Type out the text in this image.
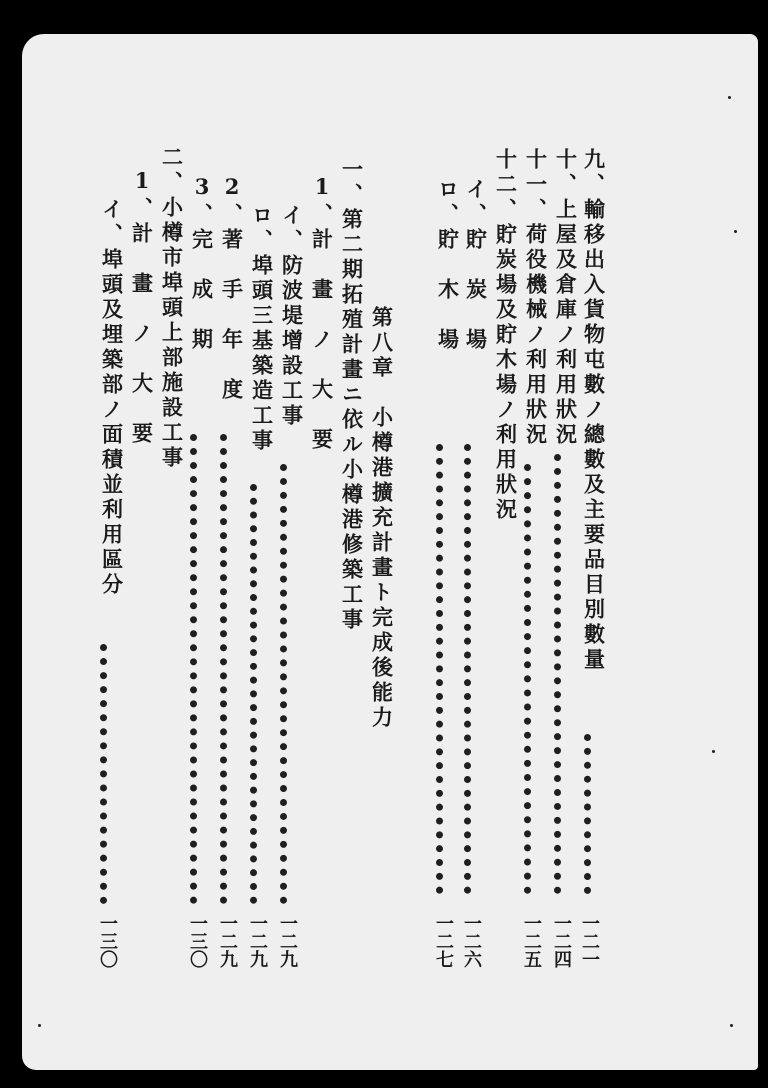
九、輸移出入貨物屯數ノ總數及主要品目別數量
一二一
十、上屋及倉庫ノ利用狀況
一二四
十一、荷役機械ノ利用狀況
一二五
十二、貯炭場及貯木場ノ利用狀況
イ、貯　炭　場
一二六
ロ、貯　木　場
一二七
第八章　小樽港擴充計畫ト完成後能力
一、第二期拓殖計畫ニ依ル小樽港修築工事
1、計　畫　ノ　大　要
イ、防波堤增設工事
一二九
ロ、埠頭三基築造工事
一二九
2、著　手　年　度
一二九
3、完　成　期
一三〇
二、小樽市埠頭上部施設工事
1、計　畫　ノ　大　要
イ、埠頭及埋築部ノ面積並利用區分
一三〇
